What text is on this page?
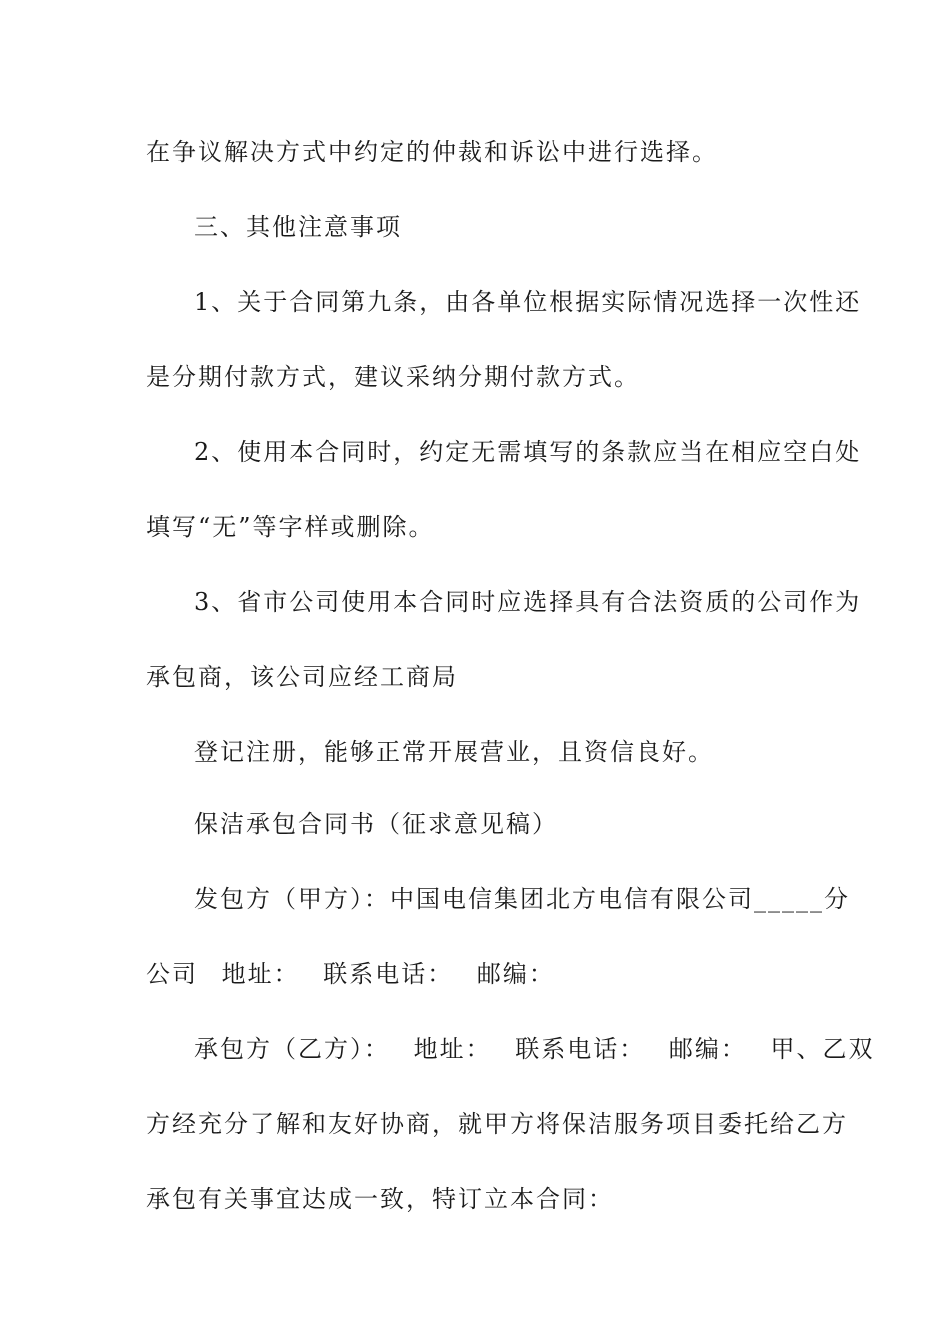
在争议解决方式中约定的仲裁和诉讼中进行选择。
三、其他注意事项
1、关于合同第九条，由各单位根据实际情况选择一次性还
是分期付款方式，建议采纳分期付款方式。
2、使用本合同时，约定无需填写的条款应当在相应空白处
填写“无”等字样或删除。
3、省市公司使用本合同时应选择具有合法资质的公司作为
承包商，该公司应经工商局
登记注册，能够正常开展营业，且资信良好。
保洁承包合同书（征求意见稿）
发包方（甲方）：中国电信集团北方电信有限公司_____分
公司 地址： 联系电话： 邮编：
承包方（乙方）： 地址： 联系电话： 邮编： 甲、乙双
方经充分了解和友好协商，就甲方将保洁服务项目委托给乙方
承包有关事宜达成一致，特订立本合同：
